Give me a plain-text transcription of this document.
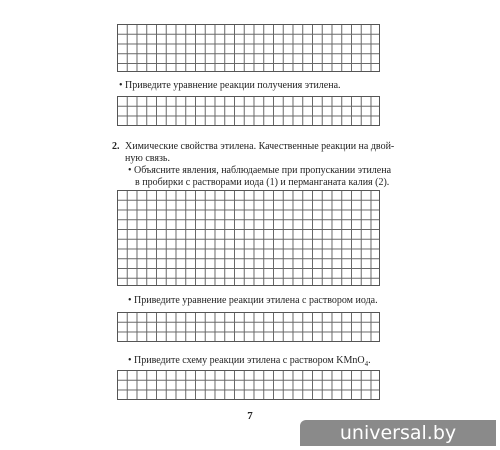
• Приведите уравнение реакции получения этилена.
2. Химические свойства этилена. Качественные реакции на двой-
ную связь.
• Объясните явления, наблюдаемые при пропускании этилена
в пробирки с растворами иода (1) и перманганата калия (2).
• Приведите уравнение реакции этилена с раствором иода.
• Приведите схему реакции этилена с раствором KMnO$_4$.
7
universal.by
